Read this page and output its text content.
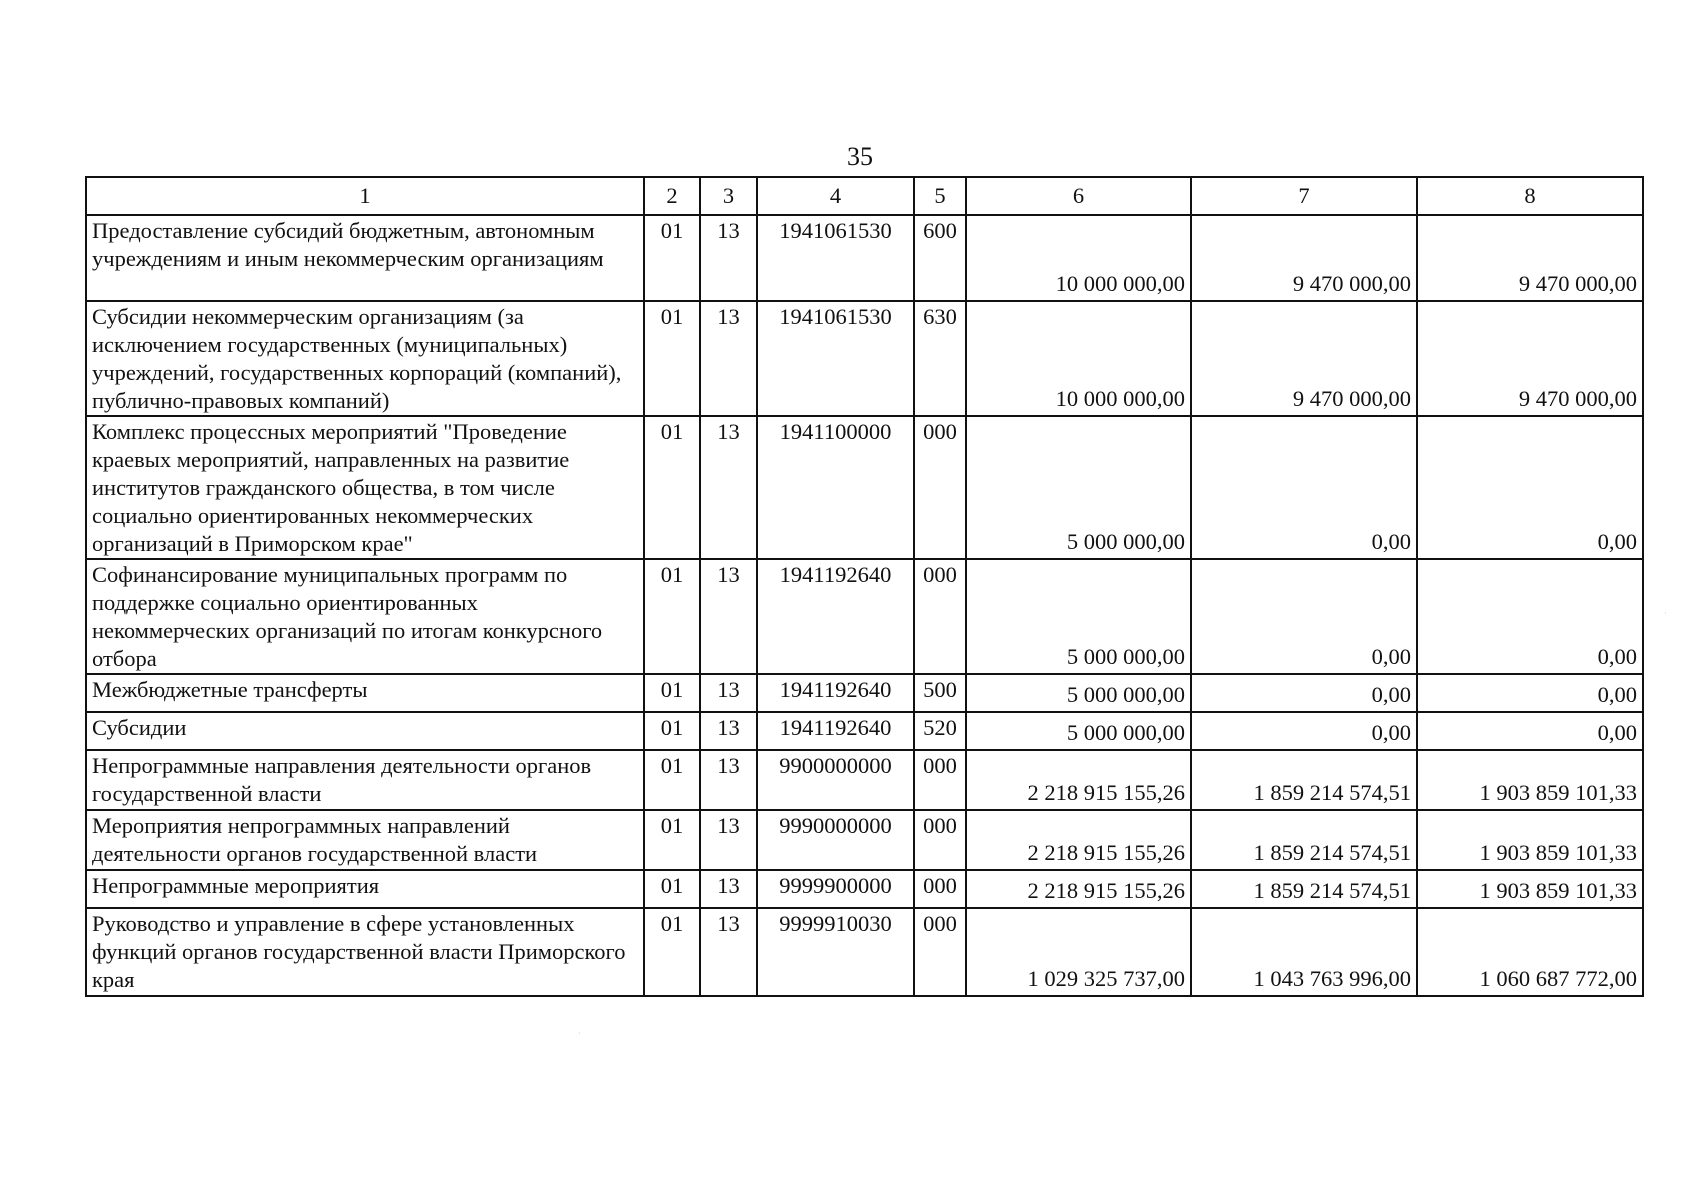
35
1	2	3	4	5	6	7	8
Предоставление субсидий бюджетным, автономным учреждениям и иным некоммерческим организациям	01	13	1941061530	600	10 000 000,00	9 470 000,00	9 470 000,00
Субсидии некоммерческим организациям (за исключением государственных (муниципальных) учреждений, государственных корпораций (компаний), публично-правовых компаний)	01	13	1941061530	630	10 000 000,00	9 470 000,00	9 470 000,00
Комплекс процессных мероприятий "Проведение краевых мероприятий, направленных на развитие институтов гражданского общества, в том числе социально ориентированных некоммерческих организаций в Приморском крае"	01	13	1941100000	000	5 000 000,00	0,00	0,00
Софинансирование муниципальных программ по поддержке социально ориентированных некоммерческих организаций по итогам конкурсного отбора	01	13	1941192640	000	5 000 000,00	0,00	0,00
Межбюджетные трансферты	01	13	1941192640	500	5 000 000,00	0,00	0,00
Субсидии	01	13	1941192640	520	5 000 000,00	0,00	0,00
Непрограммные направления деятельности органов государственной власти	01	13	9900000000	000	2 218 915 155,26	1 859 214 574,51	1 903 859 101,33
Мероприятия непрограммных направлений деятельности органов государственной власти	01	13	9990000000	000	2 218 915 155,26	1 859 214 574,51	1 903 859 101,33
Непрограммные мероприятия	01	13	9999900000	000	2 218 915 155,26	1 859 214 574,51	1 903 859 101,33
Руководство и управление в сфере установленных функций органов государственной власти Приморского края	01	13	9999910030	000	1 029 325 737,00	1 043 763 996,00	1 060 687 772,00
·
·
